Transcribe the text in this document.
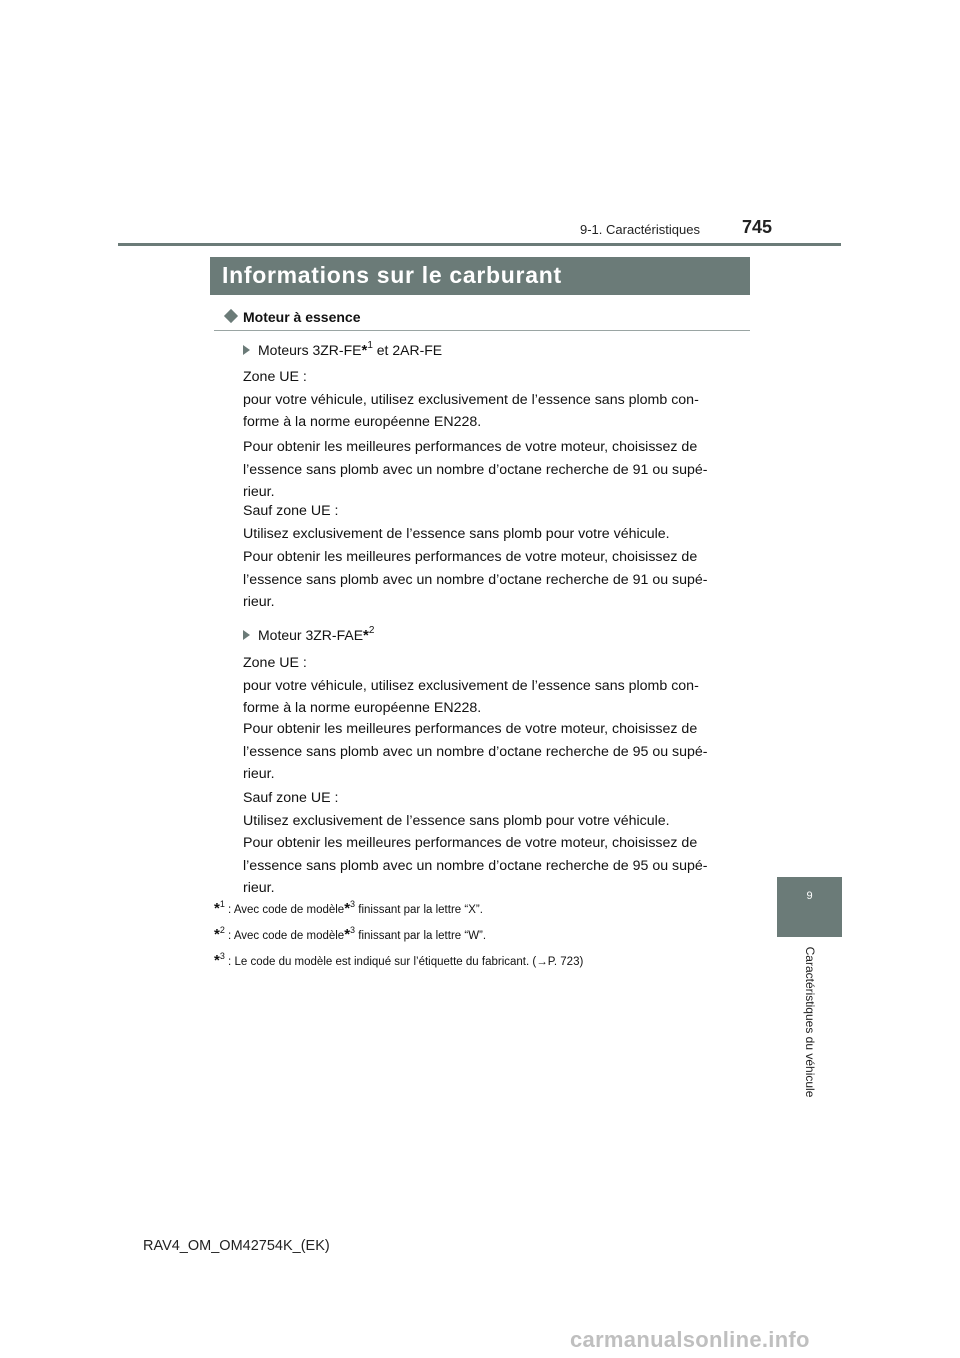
9-1. Caractéristiques 745
Informations sur le carburant
Moteur à essence
Moteurs 3ZR-FE*$^1$ et 2AR-FE
Zone UE :
pour votre véhicule, utilisez exclusivement de l’essence sans plomb con-
forme à la norme européenne EN228.
Pour obtenir les meilleures performances de votre moteur, choisissez de
l’essence sans plomb avec un nombre d’octane recherche de 91 ou supé-
rieur.
Sauf zone UE :
Utilisez exclusivement de l’essence sans plomb pour votre véhicule.
Pour obtenir les meilleures performances de votre moteur, choisissez de
l’essence sans plomb avec un nombre d’octane recherche de 91 ou supé-
rieur.
Moteur 3ZR-FAE*$^2$
Zone UE :
pour votre véhicule, utilisez exclusivement de l’essence sans plomb con-
forme à la norme européenne EN228.
Pour obtenir les meilleures performances de votre moteur, choisissez de
l’essence sans plomb avec un nombre d’octane recherche de 95 ou supé-
rieur.
Sauf zone UE :
Utilisez exclusivement de l’essence sans plomb pour votre véhicule.
Pour obtenir les meilleures performances de votre moteur, choisissez de
l’essence sans plomb avec un nombre d’octane recherche de 95 ou supé-
rieur.
*$^1$ : Avec code de modèle*$^3$ finissant par la lettre “X”.
*$^2$ : Avec code de modèle*$^3$ finissant par la lettre “W”.
*$^3$ : Le code du modèle est indiqué sur l’étiquette du fabricant. (→P. 723)
9
Caractéristiques du véhicule
RAV4_OM_OM42754K_(EK)
carmanualsonline.info
